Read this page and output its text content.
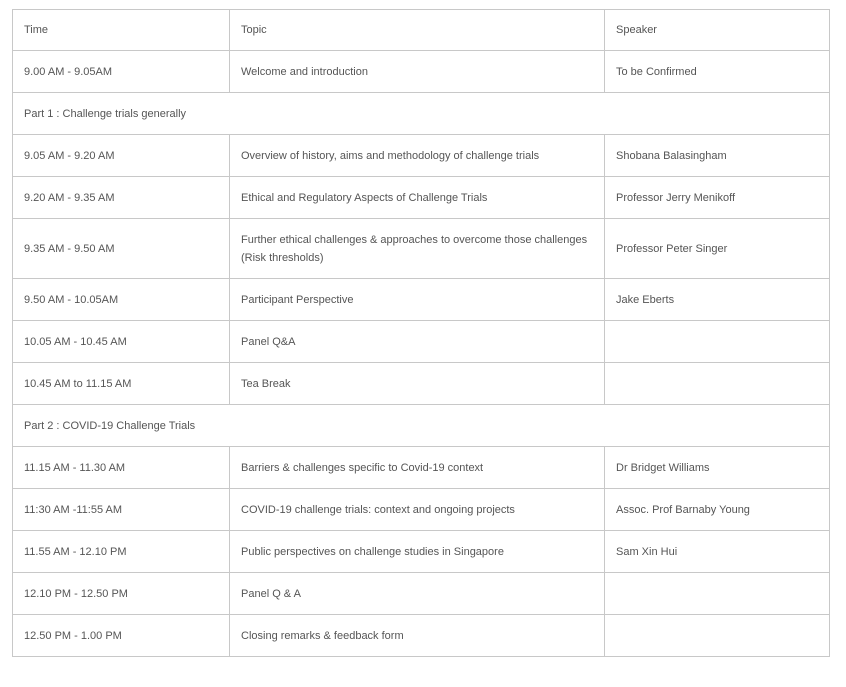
Time	Topic	Speaker
9.00 AM - 9.05AM	Welcome and introduction	To be Confirmed
Part 1 : Challenge trials generally		
9.05 AM - 9.20 AM	Overview of history, aims and methodology of challenge trials	Shobana Balasingham
9.20 AM - 9.35 AM	Ethical and Regulatory Aspects of Challenge Trials	Professor Jerry Menikoff
9.35 AM - 9.50 AM	Further ethical challenges & approaches to overcome those challenges (Risk thresholds)	Professor Peter Singer
9.50 AM - 10.05AM	Participant Perspective	Jake Eberts
10.05 AM - 10.45 AM	Panel Q&A	
10.45 AM to 11.15 AM	Tea Break	
Part 2 : COVID-19 Challenge Trials		
11.15 AM - 11.30 AM	Barriers & challenges specific to Covid-19 context	Dr Bridget Williams
11:30 AM -11:55 AM	COVID-19 challenge trials: context and ongoing projects	Assoc. Prof Barnaby Young
11.55 AM - 12.10 PM	Public perspectives on challenge studies in Singapore	Sam Xin Hui
12.10 PM - 12.50 PM	Panel Q & A	
12.50 PM - 1.00 PM	Closing remarks & feedback form	
